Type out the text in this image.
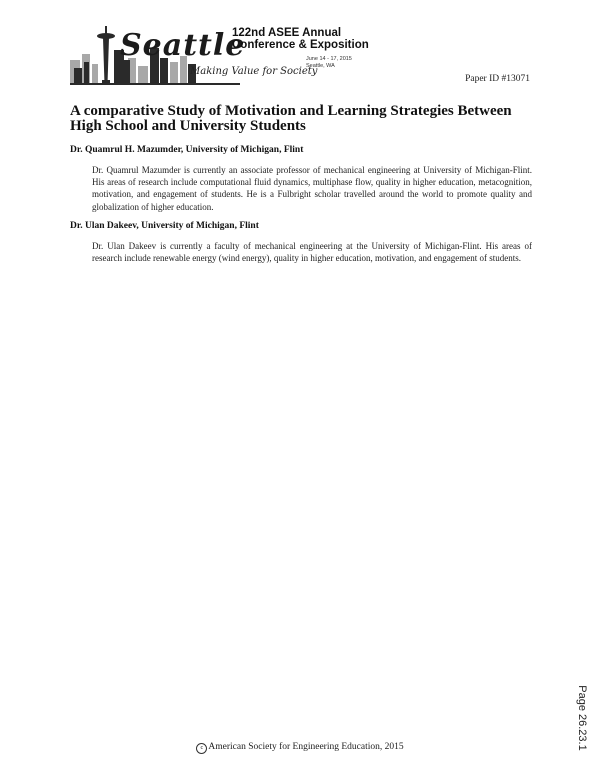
Seattle
Making Value for Society
122nd ASEE Annual
Conference & Exposition
June 14 - 17, 2015
Seattle, WA
Paper ID #13071
A comparative Study of Motivation and Learning Strategies Between High School and University Students
Dr. Quamrul H. Mazumder, University of Michigan, Flint

Dr. Quamrul Mazumder is currently an associate professor of mechanical engineering at University of Michigan-Flint. His areas of research include computational fluid dynamics, multiphase flow, quality in higher education, metacognition, motivation, and engagement of students. He is a Fulbright scholar travelled around the world to promote quality and globalization of higher education.

Dr. Ulan Dakeev, University of Michigan, Flint

Dr. Ulan Dakeev is currently a faculty of mechanical engineering at the University of Michigan-Flint. His areas of research include renewable energy (wind energy), quality in higher education, motivation, and engagement of students.

Page 26.23.1
c American Society for Engineering Education, 2015
